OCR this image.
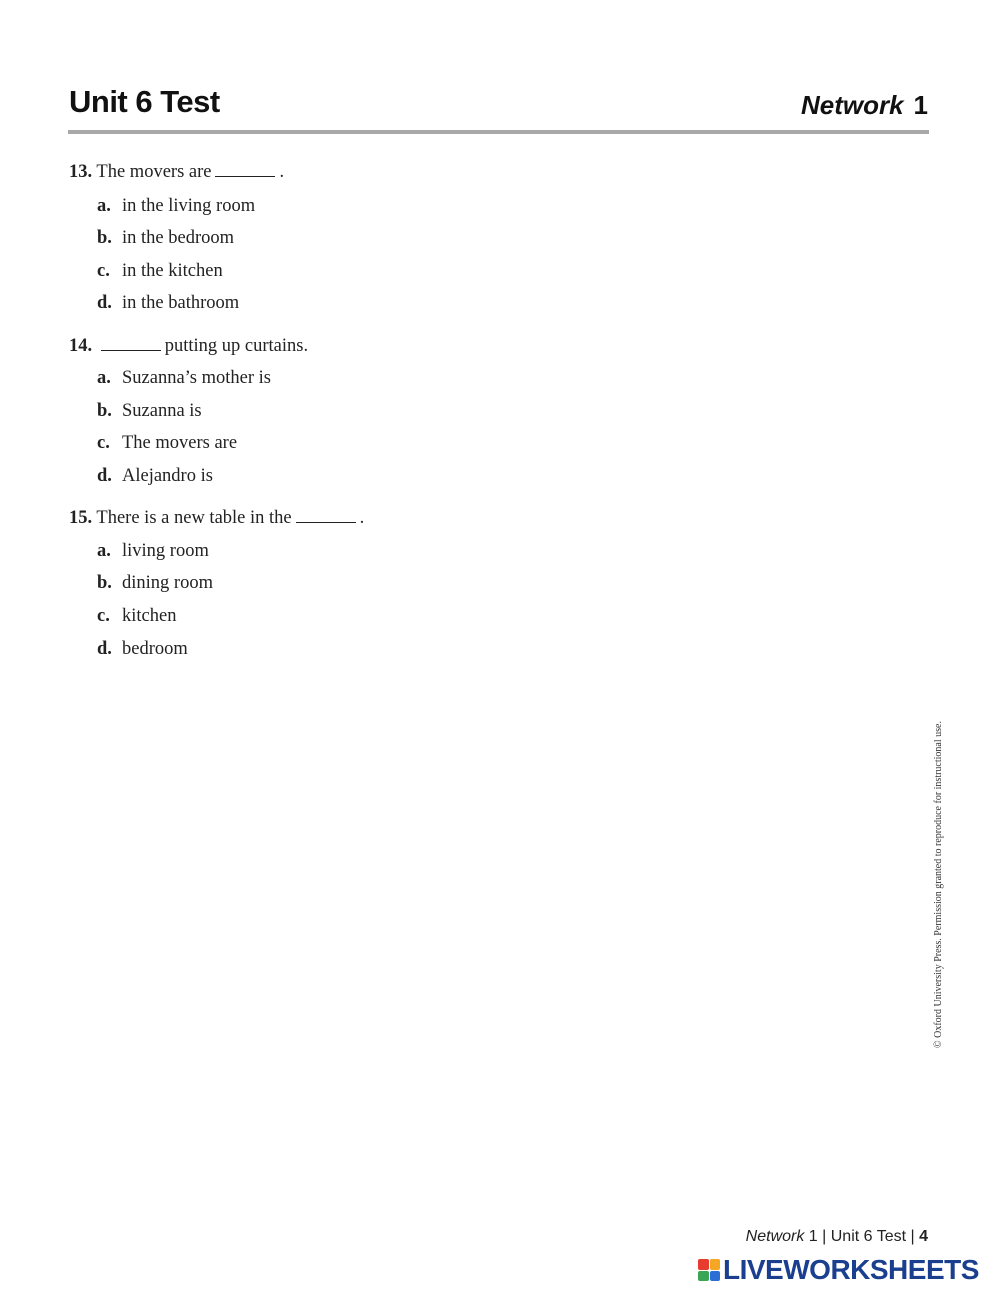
Unit 6 Test	Network 1
13. The movers are	.
a. in the living room
b. in the bedroom
c. in the kitchen
d. in the bathroom
14.	putting up curtains.
a. Suzanna’s mother is
b. Suzanna is
c. The movers are
d. Alejandro is
15. There is a new table in the	.
a. living room
b. dining room
c. kitchen
d. bedroom
© Oxford University Press. Permission granted to reproduce for instructional use.
Network 1 | Unit 6 Test | 4
LIVEWORKSHEETS
